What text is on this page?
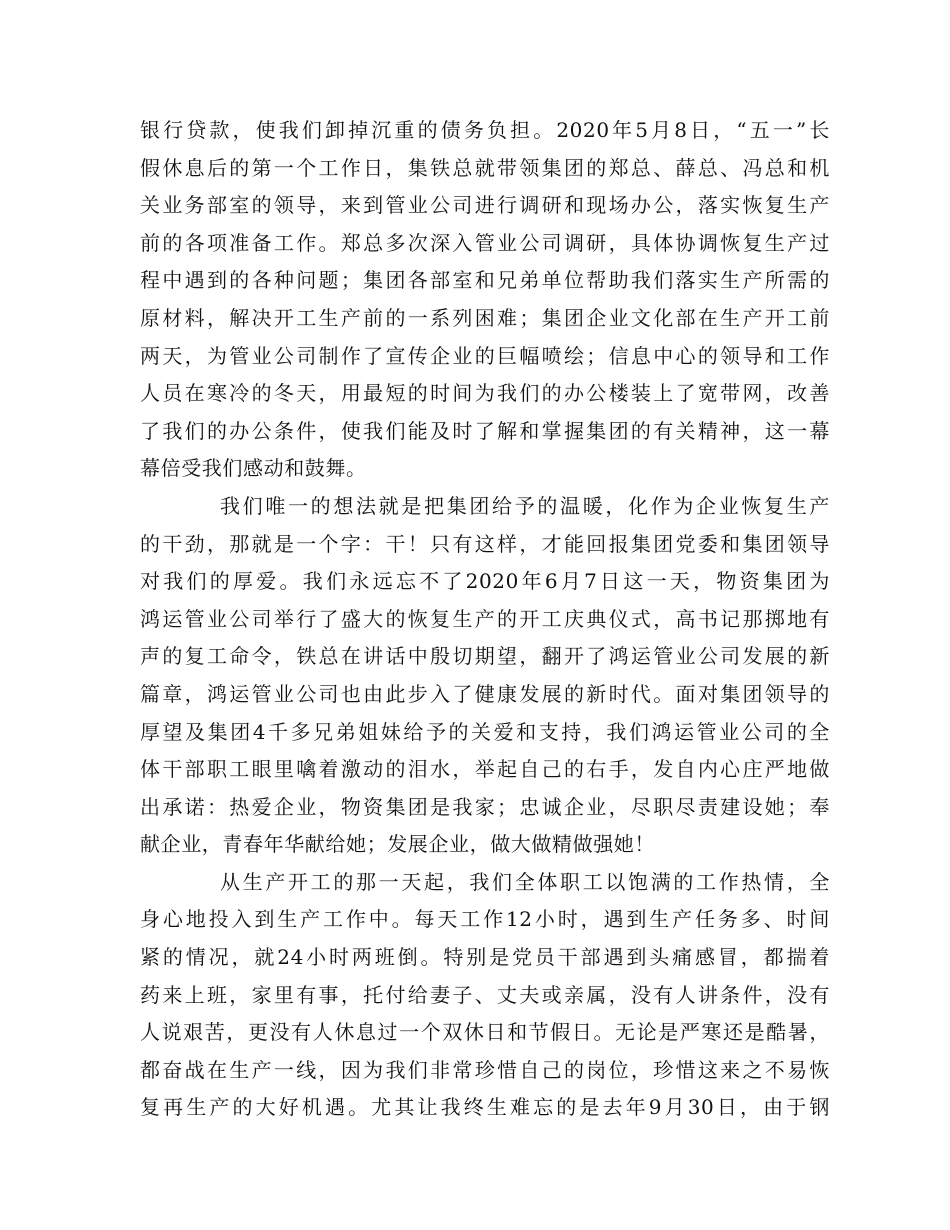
银行贷款，使我们卸掉沉重的债务负担。2020年5月8日，“五一”长
假休息后的第一个工作日，集铁总就带领集团的郑总、薛总、冯总和机
关业务部室的领导，来到管业公司进行调研和现场办公，落实恢复生产
前的各项准备工作。郑总多次深入管业公司调研，具体协调恢复生产过
程中遇到的各种问题；集团各部室和兄弟单位帮助我们落实生产所需的
原材料，解决开工生产前的一系列困难；集团企业文化部在生产开工前
两天，为管业公司制作了宣传企业的巨幅喷绘；信息中心的领导和工作
人员在寒冷的冬天，用最短的时间为我们的办公楼装上了宽带网，改善
了我们的办公条件，使我们能及时了解和掌握集团的有关精神，这一幕
幕倍受我们感动和鼓舞。
我们唯一的想法就是把集团给予的温暖，化作为企业恢复生产
的干劲，那就是一个字：干！只有这样，才能回报集团党委和集团领导
对我们的厚爱。我们永远忘不了2020年6月7日这一天，物资集团为
鸿运管业公司举行了盛大的恢复生产的开工庆典仪式，高书记那掷地有
声的复工命令，铁总在讲话中殷切期望，翻开了鸿运管业公司发展的新
篇章，鸿运管业公司也由此步入了健康发展的新时代。面对集团领导的
厚望及集团4千多兄弟姐妹给予的关爱和支持，我们鸿运管业公司的全
体干部职工眼里噙着激动的泪水，举起自己的右手，发自内心庄严地做
出承诺：热爱企业，物资集团是我家；忠诚企业，尽职尽责建设她；奉
献企业，青春年华献给她；发展企业，做大做精做强她！
从生产开工的那一天起，我们全体职工以饱满的工作热情，全
身心地投入到生产工作中。每天工作12小时，遇到生产任务多、时间
紧的情况，就24小时两班倒。特别是党员干部遇到头痛感冒，都揣着
药来上班，家里有事，托付给妻子、丈夫或亲属，没有人讲条件，没有
人说艰苦，更没有人休息过一个双休日和节假日。无论是严寒还是酷暑，
都奋战在生产一线，因为我们非常珍惜自己的岗位，珍惜这来之不易恢
复再生产的大好机遇。尤其让我终生难忘的是去年9月30日，由于钢
